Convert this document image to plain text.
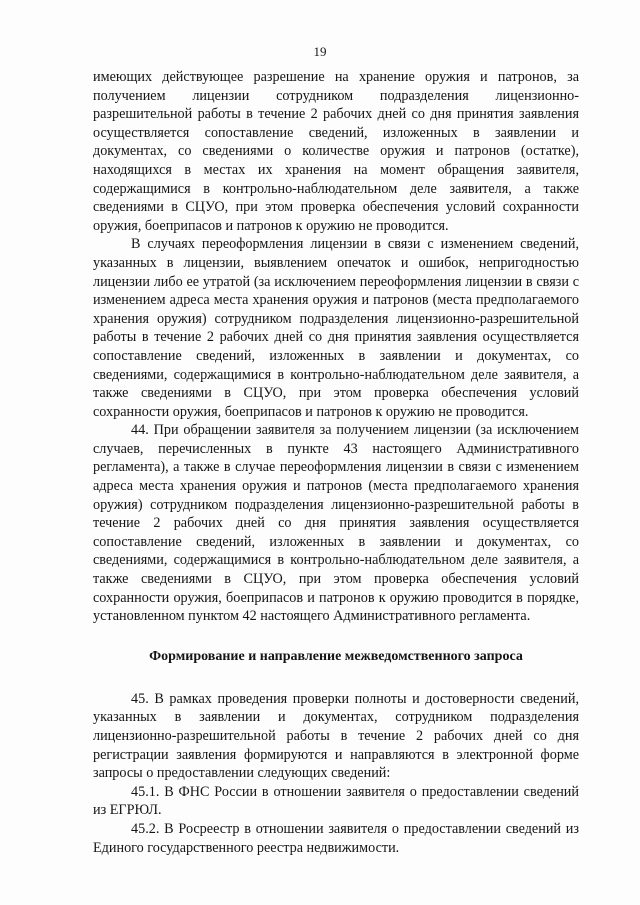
19

имеющих действующее разрешение на хранение оружия и патронов, за получением лицензии сотрудником подразделения лицензионно-разрешительной работы в течение 2 рабочих дней со дня принятия заявления осуществляется сопоставление сведений, изложенных в заявлении и документах, со сведениями о количестве оружия и патронов (остатке), находящихся в местах их хранения на момент обращения заявителя, содержащимися в контрольно-наблюдательном деле заявителя, а также сведениями в СЦУО, при этом проверка обеспечения условий сохранности оружия, боеприпасов и патронов к оружию не проводится.

В случаях переоформления лицензии в связи с изменением сведений, указанных в лицензии, выявлением опечаток и ошибок, непригодностью лицензии либо ее утратой (за исключением переоформления лицензии в связи с изменением адреса места хранения оружия и патронов (места предполагаемого хранения оружия) сотрудником подразделения лицензионно-разрешительной работы в течение 2 рабочих дней со дня принятия заявления осуществляется сопоставление сведений, изложенных в заявлении и документах, со сведениями, содержащимися в контрольно-наблюдательном деле заявителя, а также сведениями в СЦУО, при этом проверка обеспечения условий сохранности оружия, боеприпасов и патронов к оружию не проводится.

44. При обращении заявителя за получением лицензии (за исключением случаев, перечисленных в пункте 43 настоящего Административного регламента), а также в случае переоформления лицензии в связи с изменением адреса места хранения оружия и патронов (места предполагаемого хранения оружия) сотрудником подразделения лицензионно-разрешительной работы в течение 2 рабочих дней со дня принятия заявления осуществляется сопоставление сведений, изложенных в заявлении и документах, со сведениями, содержащимися в контрольно-наблюдательном деле заявителя, а также сведениями в СЦУО, при этом проверка обеспечения условий сохранности оружия, боеприпасов и патронов к оружию проводится в порядке, установленном пунктом 42 настоящего Административного регламента.

Формирование и направление межведомственного запроса

45. В рамках проведения проверки полноты и достоверности сведений, указанных в заявлении и документах, сотрудником подразделения лицензионно-разрешительной работы в течение 2 рабочих дней со дня регистрации заявления формируются и направляются в электронной форме запросы о предоставлении следующих сведений:

45.1. В ФНС России в отношении заявителя о предоставлении сведений из ЕГРЮЛ.

45.2. В Росреестр в отношении заявителя о предоставлении сведений из Единого государственного реестра недвижимости.
